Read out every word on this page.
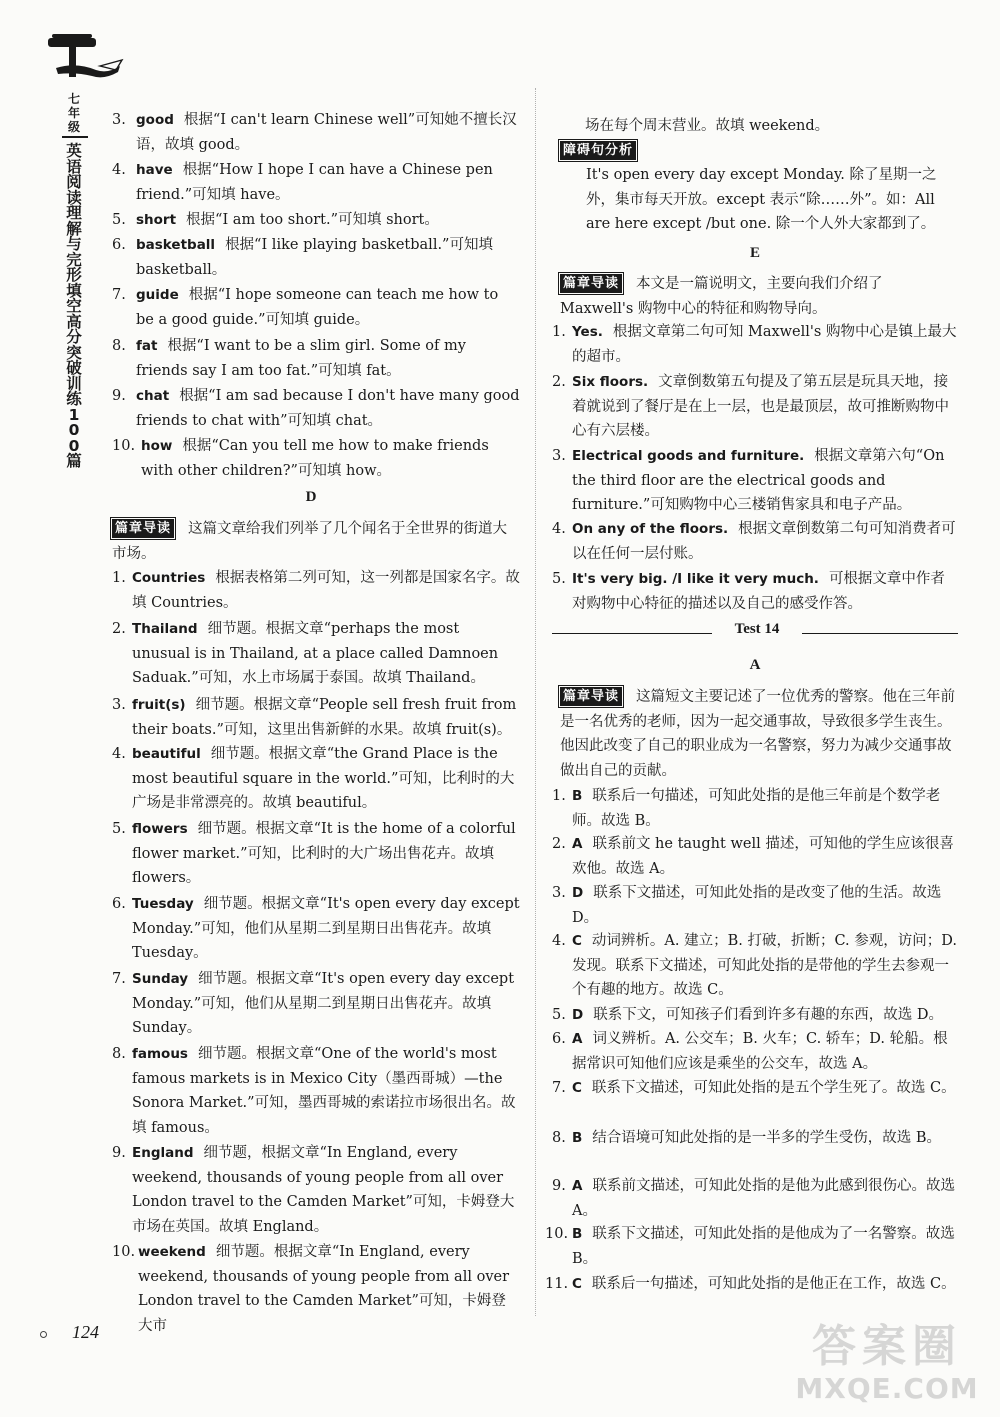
七年级
英语阅读理解与完形填空高分突破训练100篇
3. good 根据“I can't learn Chinese well”可知她不擅长汉语，故填 good。
4. have 根据“How I hope I can have a Chinese pen friend.”可知填 have。
5. short 根据“I am too short.”可知填 short。
6. basketball 根据“I like playing basketball.”可知填 basketball。
7. guide 根据“I hope someone can teach me how to be a good guide.”可知填 guide。
8. fat 根据“I want to be a slim girl. Some of my friends say I am too fat.”可知填 fat。
9. chat 根据“I am sad because I don't have many good friends to chat with”可知填 chat。
10. how 根据“Can you tell me how to make friends with other children?”可知填 how。
D
篇章导读 这篇文章给我们列举了几个闻名于全世界的街道大市场。
1. Countries 根据表格第二列可知，这一列都是国家名字。故填 Countries。
2. Thailand 细节题。根据文章“perhaps the most unusual is in Thailand, at a place called Damnoen Saduak.”可知，水上市场属于泰国。故填 Thailand。
3. fruit(s) 细节题。根据文章“People sell fresh fruit from their boats.”可知，这里出售新鲜的水果。故填 fruit(s)。
4. beautiful 细节题。根据文章“the Grand Place is the most beautiful square in the world.”可知，比利时的大广场是非常漂亮的。故填 beautiful。
5. flowers 细节题。根据文章“It is the home of a colorful flower market.”可知，比利时的大广场出售花卉。故填 flowers。
6. Tuesday 细节题。根据文章“It's open every day except Monday.”可知，他们从星期二到星期日出售花卉。故填 Tuesday。
7. Sunday 细节题。根据文章“It's open every day except Monday.”可知，他们从星期二到星期日出售花卉。故填 Sunday。
8. famous 细节题。根据文章“One of the world's most famous markets is in Mexico City（墨西哥城）—the Sonora Market.”可知，墨西哥城的索诺拉市场很出名。故填 famous。
9. England 细节题，根据文章“In England, every weekend, thousands of young people from all over London travel to the Camden Market”可知，卡姆登大市场在英国。故填 England。
10. weekend 细节题。根据文章“In England, every weekend, thousands of young people from all over London travel to the Camden Market”可知，卡姆登大市
场在每个周末营业。故填 weekend。
障碍句分析
It's open every day except Monday. 除了星期一之外，集市每天开放。except 表示“除……外”。如：All are here except /but one. 除一个人外大家都到了。
E
篇章导读 本文是一篇说明文，主要向我们介绍了 Maxwell's 购物中心的特征和购物导向。
1. Yes. 根据文章第二句可知 Maxwell's 购物中心是镇上最大的超市。
2. Six floors. 文章倒数第五句提及了第五层是玩具天地，接着就说到了餐厅是在上一层，也是最顶层，故可推断购物中心有六层楼。
3. Electrical goods and furniture. 根据文章第六句“On the third floor are the electrical goods and furniture.”可知购物中心三楼销售家具和电子产品。
4. On any of the floors. 根据文章倒数第二句可知消费者可以在任何一层付账。
5. It's very big. /I like it very much. 可根据文章中作者对购物中心特征的描述以及自己的感受作答。
Test 14
A
篇章导读 这篇短文主要记述了一位优秀的警察。他在三年前是一名优秀的老师，因为一起交通事故，导致很多学生丧生。他因此改变了自己的职业成为一名警察，努力为减少交通事故做出自己的贡献。
1. B 联系后一句描述，可知此处指的是他三年前是个数学老师。故选 B。
2. A 联系前文 he taught well 描述，可知他的学生应该很喜欢他。故选 A。
3. D 联系下文描述，可知此处指的是改变了他的生活。故选 D。
4. C 动词辨析。A. 建立；B. 打破，折断；C. 参观，访问；D. 发现。联系下文描述，可知此处指的是带他的学生去参观一个有趣的地方。故选 C。
5. D 联系下文，可知孩子们看到许多有趣的东西，故选 D。
6. A 词义辨析。A. 公交车；B. 火车；C. 轿车；D. 轮船。根据常识可知他们应该是乘坐的公交车，故选 A。
7. C 联系下文描述，可知此处指的是五个学生死了。故选 C。
8. B 结合语境可知此处指的是一半多的学生受伤，故选 B。
9. A 联系前文描述，可知此处指的是他为此感到很伤心。故选 A。
10. B 联系下文描述，可知此处指的是他成为了一名警察。故选 B。
11. C 联系后一句描述，可知此处指的是他正在工作，故选 C。
124	答案圈
MXQE.COM
